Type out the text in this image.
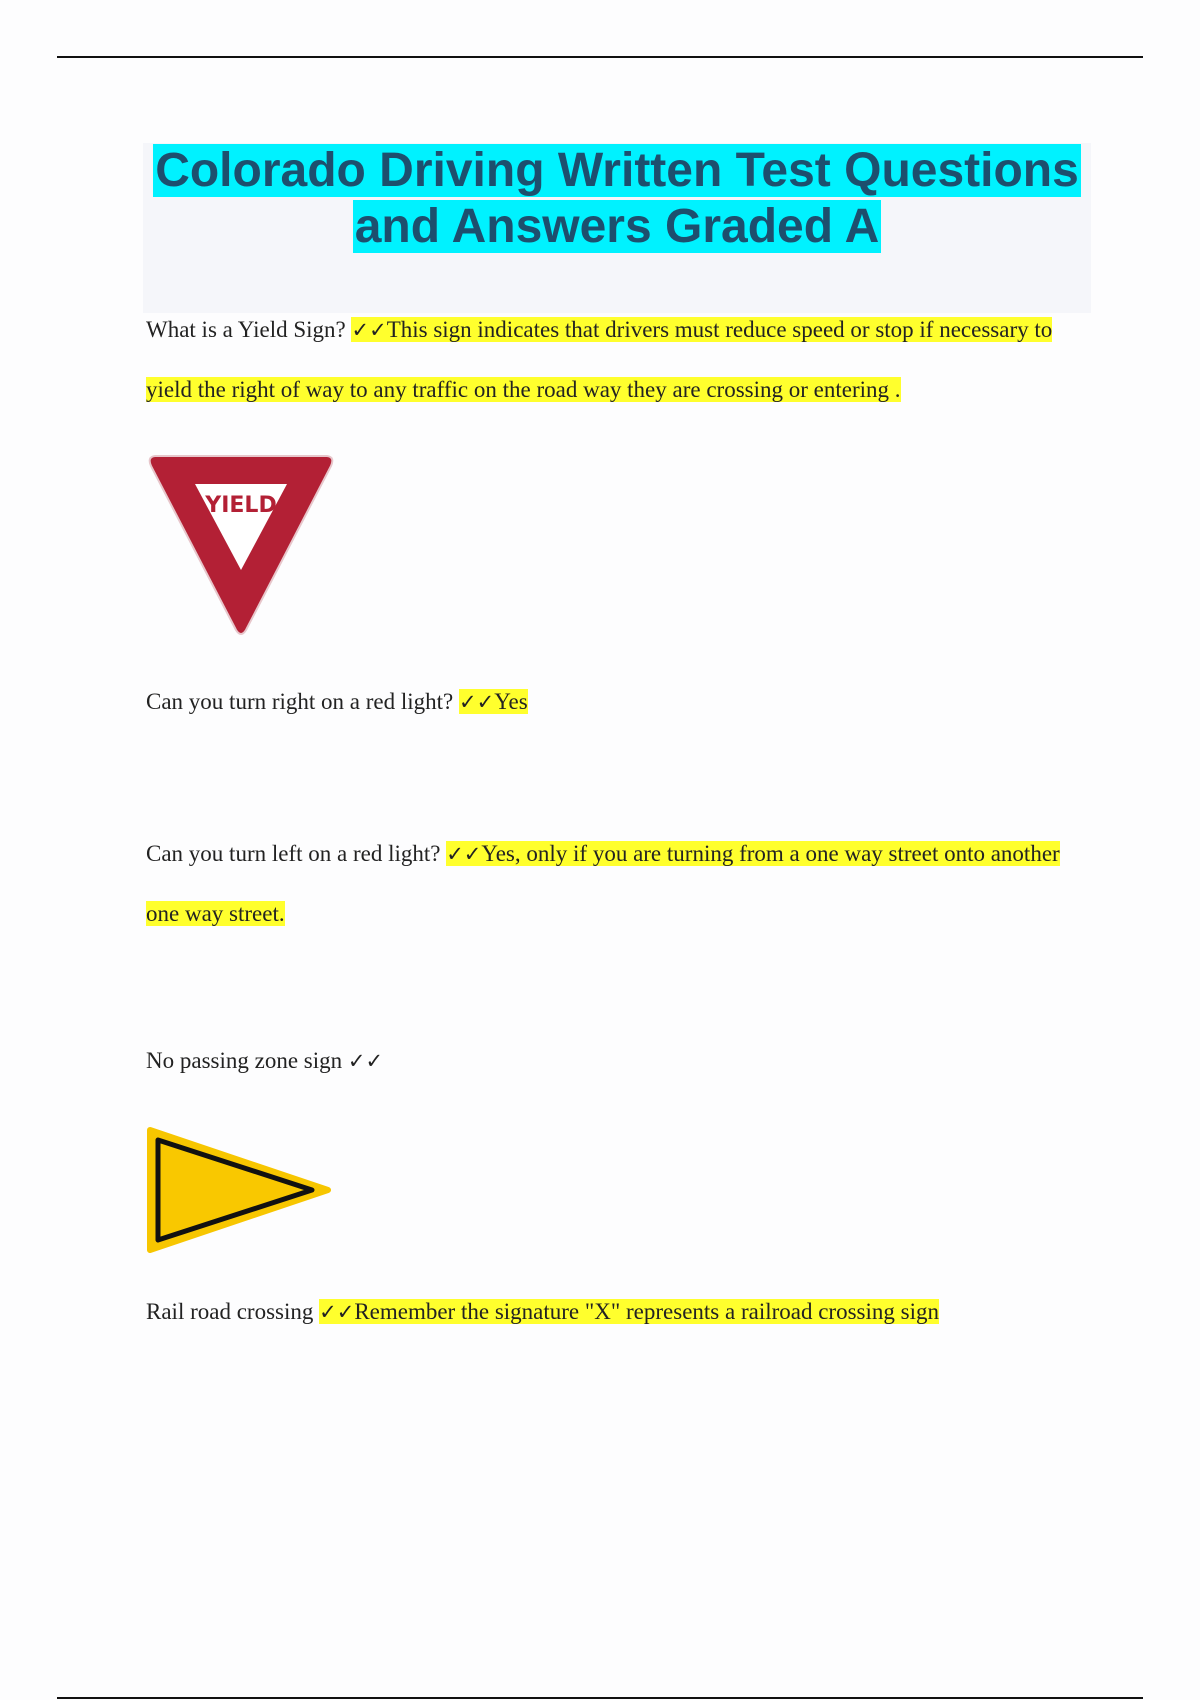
Colorado Driving Written Test Questions
and Answers Graded A

What is a Yield Sign? ✓✓This sign indicates that drivers must reduce speed or stop if necessary to yield the right of way to any traffic on the road way they are crossing or entering .

YIELD

Can you turn right on a red light? ✓✓Yes

Can you turn left on a red light? ✓✓Yes, only if you are turning from a one way street onto another one way street.

No passing zone sign ✓✓

Rail road crossing ✓✓Remember the signature "X" represents a railroad crossing sign
